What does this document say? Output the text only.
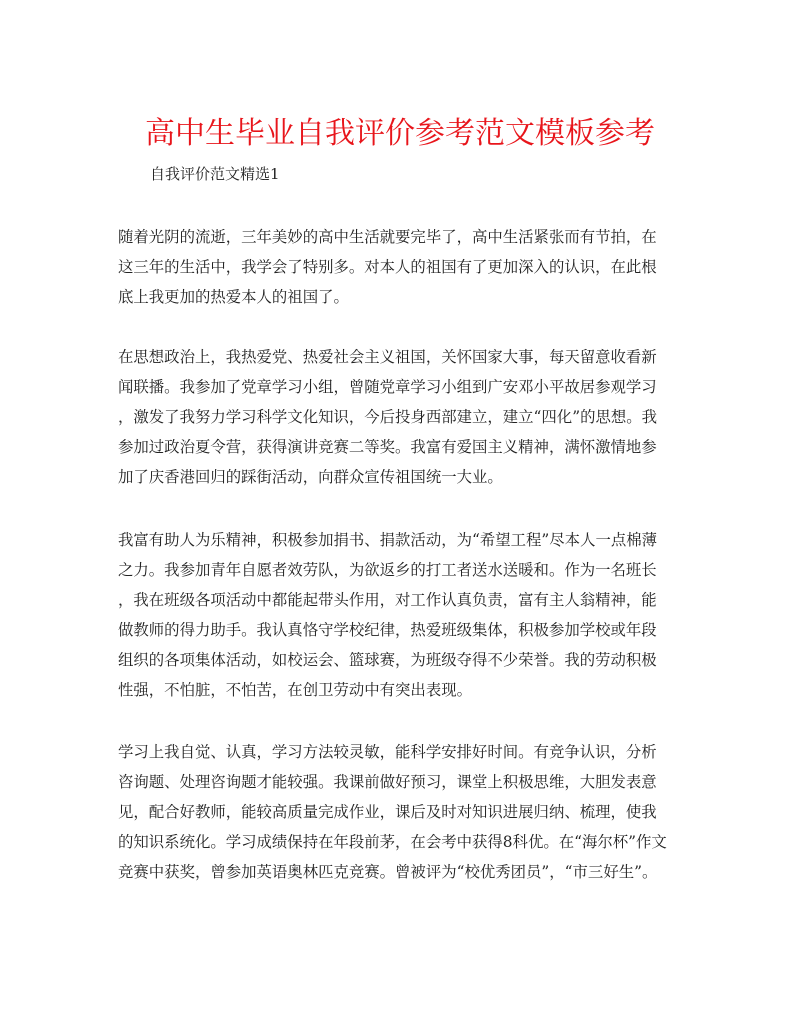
高中生毕业自我评价参考范文模板参考
自我评价范文精选1
随着光阴的流逝，三年美妙的高中生活就要完毕了，高中生活紧张而有节拍，在
这三年的生活中，我学会了特别多。对本人的祖国有了更加深入的认识，在此根
底上我更加的热爱本人的祖国了。
在思想政治上，我热爱党、热爱社会主义祖国，关怀国家大事，每天留意收看新
闻联播。我参加了党章学习小组，曾随党章学习小组到广安邓小平故居参观学习
，激发了我努力学习科学文化知识，今后投身西部建立，建立“四化”的思想。我
参加过政治夏令营，获得演讲竞赛二等奖。我富有爱国主义精神，满怀激情地参
加了庆香港回归的踩街活动，向群众宣传祖国统一大业。
我富有助人为乐精神，积极参加捐书、捐款活动，为“希望工程”尽本人一点棉薄
之力。我参加青年自愿者效劳队，为欲返乡的打工者送水送暖和。作为一名班长
，我在班级各项活动中都能起带头作用，对工作认真负责，富有主人翁精神，能
做教师的得力助手。我认真恪守学校纪律，热爱班级集体，积极参加学校或年段
组织的各项集体活动，如校运会、篮球赛，为班级夺得不少荣誉。我的劳动积极
性强，不怕脏，不怕苦，在创卫劳动中有突出表现。
学习上我自觉、认真，学习方法较灵敏，能科学安排好时间。有竞争认识，分析
咨询题、处理咨询题才能较强。我课前做好预习，课堂上积极思维，大胆发表意
见，配合好教师，能较高质量完成作业，课后及时对知识进展归纳、梳理，使我
的知识系统化。学习成绩保持在年段前茅，在会考中获得8科优。在“海尔杯”作文
竞赛中获奖，曾参加英语奥林匹克竞赛。曾被评为“校优秀团员”，“市三好生”。
